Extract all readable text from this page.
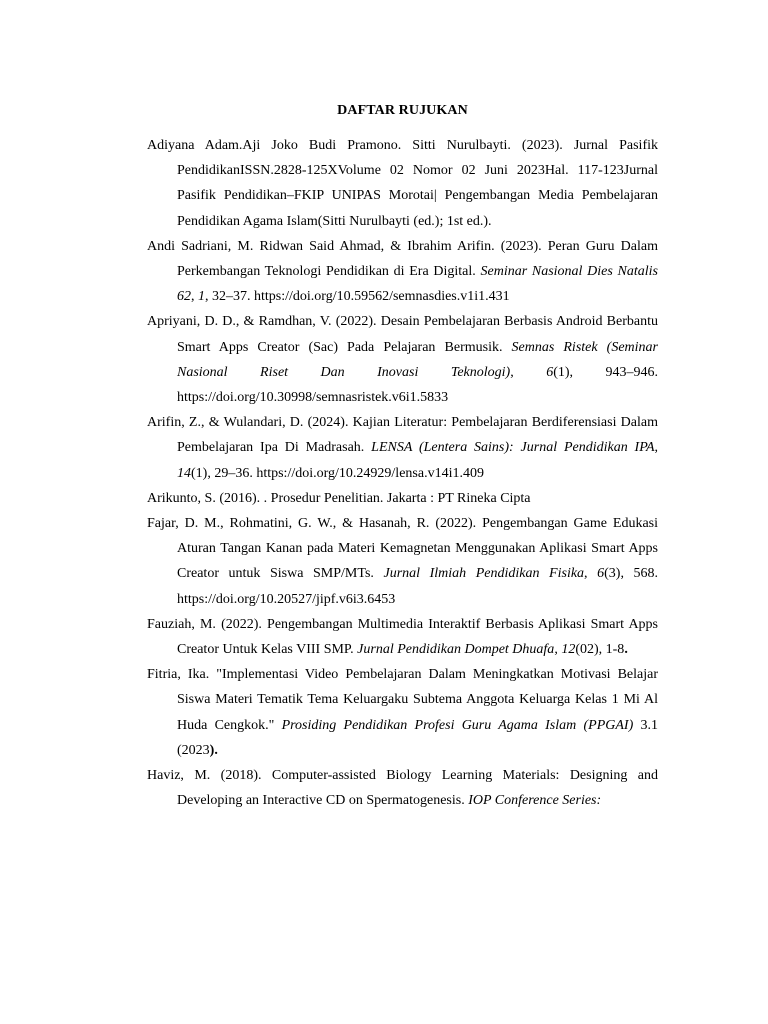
DAFTAR RUJUKAN

Adiyana Adam.Aji Joko Budi Pramono. Sitti Nurulbayti. (2023). Jurnal Pasifik PendidikanISSN.2828-125XVolume 02 Nomor 02 Juni 2023Hal. 117-123Jurnal Pasifik Pendidikan–FKIP UNIPAS Morotai| Pengembangan Media Pembelajaran Pendidikan Agama Islam(Sitti Nurulbayti (ed.); 1st ed.).

Andi Sadriani, M. Ridwan Said Ahmad, & Ibrahim Arifin. (2023). Peran Guru Dalam Perkembangan Teknologi Pendidikan di Era Digital. Seminar Nasional Dies Natalis 62, 1, 32–37. https://doi.org/10.59562/semnasdies.v1i1.431

Apriyani, D. D., & Ramdhan, V. (2022). Desain Pembelajaran Berbasis Android Berbantu Smart Apps Creator (Sac) Pada Pelajaran Bermusik. Semnas Ristek (Seminar Nasional Riset Dan Inovasi Teknologi), 6(1), 943–946. https://doi.org/10.30998/semnasristek.v6i1.5833

Arifin, Z., & Wulandari, D. (2024). Kajian Literatur: Pembelajaran Berdiferensiasi Dalam Pembelajaran Ipa Di Madrasah. LENSA (Lentera Sains): Jurnal Pendidikan IPA, 14(1), 29–36. https://doi.org/10.24929/lensa.v14i1.409

Arikunto, S. (2016). . Prosedur Penelitian. Jakarta : PT Rineka Cipta

Fajar, D. M., Rohmatini, G. W., & Hasanah, R. (2022). Pengembangan Game Edukasi Aturan Tangan Kanan pada Materi Kemagnetan Menggunakan Aplikasi Smart Apps Creator untuk Siswa SMP/MTs. Jurnal Ilmiah Pendidikan Fisika, 6(3), 568. https://doi.org/10.20527/jipf.v6i3.6453

Fauziah, M. (2022). Pengembangan Multimedia Interaktif Berbasis Aplikasi Smart Apps Creator Untuk Kelas VIII SMP. Jurnal Pendidikan Dompet Dhuafa, 12(02), 1-8.

Fitria, Ika. "Implementasi Video Pembelajaran Dalam Meningkatkan Motivasi Belajar Siswa Materi Tematik Tema Keluargaku Subtema Anggota Keluarga Kelas 1 Mi Al Huda Cengkok." Prosiding Pendidikan Profesi Guru Agama Islam (PPGAI) 3.1 (2023).

Haviz, M. (2018). Computer-assisted Biology Learning Materials: Designing and Developing an Interactive CD on Spermatogenesis. IOP Conference Series:
